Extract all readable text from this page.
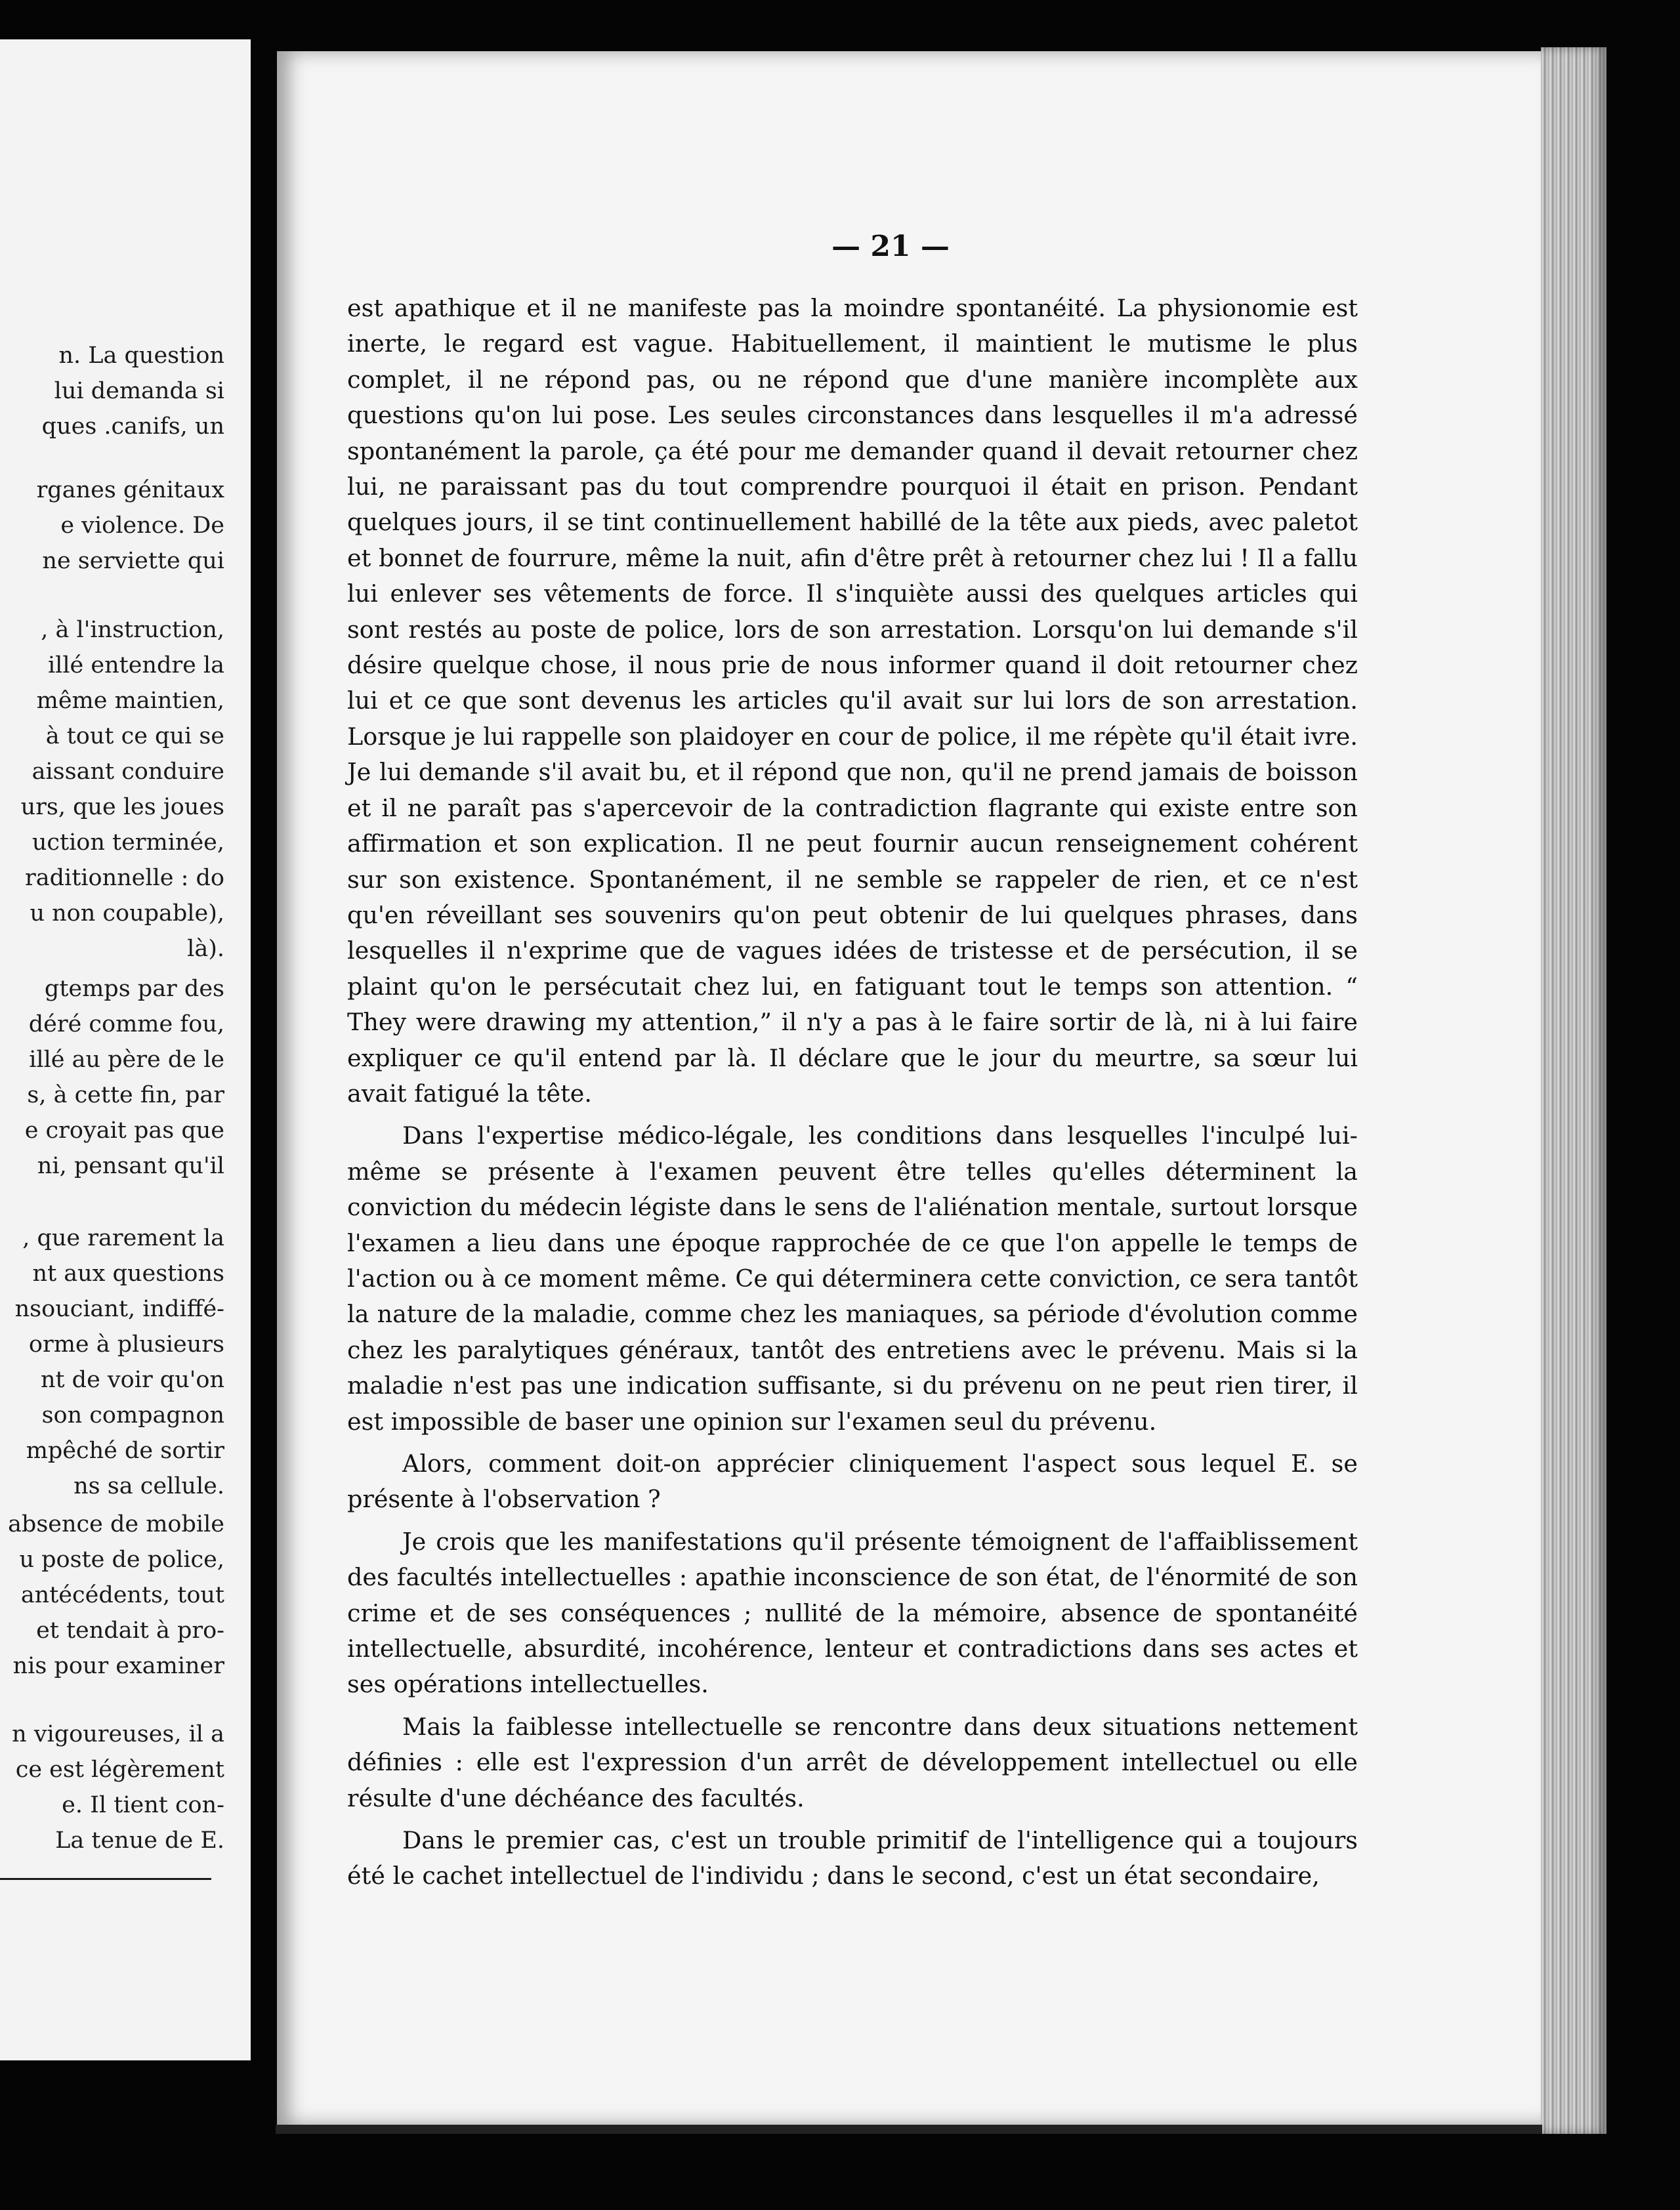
n. La question
lui demanda si
ques .canifs, un
rganes génitaux
e violence. De
ne serviette qui
, à l'instruction,
illé entendre la
même maintien,
à tout ce qui se
aissant conduire
urs, que les joues
uction terminée,
raditionnelle : do
u non coupable),
là).
gtemps par des
déré comme fou,
illé au père de le
s, à cette fin, par
e croyait pas que
ni, pensant qu'il
, que rarement la
nt aux questions
nsouciant, indiffé-
orme à plusieurs
nt de voir qu'on
son compagnon
mpêché de sortir
ns sa cellule.
absence de mobile
u poste de police,
antécédents, tout
et tendait à pro-
nis pour examiner
n vigoureuses, il a
ce est légèrement
e. Il tient con-
La tenue de E.
— 21 —

est apathique et il ne manifeste pas la moindre spontanéité. La physionomie est inerte, le regard est vague. Habituellement, il maintient le mutisme le plus complet, il ne répond pas, ou ne répond que d'une manière incomplète aux questions qu'on lui pose. Les seules circonstances dans lesquelles il m'a adressé spontanément la parole, ça été pour me demander quand il devait retourner chez lui, ne paraissant pas du tout comprendre pourquoi il était en prison. Pendant quelques jours, il se tint continuellement habillé de la tête aux pieds, avec paletot et bonnet de fourrure, même la nuit, afin d'être prêt à retourner chez lui ! Il a fallu lui enlever ses vêtements de force. Il s'inquiète aussi des quelques articles qui sont restés au poste de police, lors de son arrestation. Lorsqu'on lui demande s'il désire quelque chose, il nous prie de nous informer quand il doit retourner chez lui et ce que sont devenus les articles qu'il avait sur lui lors de son arrestation. Lorsque je lui rappelle son plaidoyer en cour de police, il me répète qu'il était ivre. Je lui demande s'il avait bu, et il répond que non, qu'il ne prend jamais de boisson et il ne paraît pas s'apercevoir de la contradiction flagrante qui existe entre son affirmation et son explication. Il ne peut fournir aucun renseignement cohérent sur son existence. Spontanément, il ne semble se rappeler de rien, et ce n'est qu'en réveillant ses souvenirs qu'on peut obtenir de lui quelques phrases, dans lesquelles il n'exprime que de vagues idées de tristesse et de persécution, il se plaint qu'on le persécutait chez lui, en fatiguant tout le temps son attention. “ They were drawing my attention,” il n'y a pas à le faire sortir de là, ni à lui faire expliquer ce qu'il entend par là. Il déclare que le jour du meurtre, sa sœur lui avait fatigué la tête.

Dans l'expertise médico-légale, les conditions dans lesquelles l'inculpé lui-même se présente à l'examen peuvent être telles qu'elles déterminent la conviction du médecin légiste dans le sens de l'aliénation mentale, surtout lorsque l'examen a lieu dans une époque rapprochée de ce que l'on appelle le temps de l'action ou à ce moment même. Ce qui déterminera cette conviction, ce sera tantôt la nature de la maladie, comme chez les maniaques, sa période d'évolution comme chez les paralytiques généraux, tantôt des entretiens avec le prévenu. Mais si la maladie n'est pas une indication suffisante, si du prévenu on ne peut rien tirer, il est impossible de baser une opinion sur l'examen seul du prévenu.

Alors, comment doit-on apprécier cliniquement l'aspect sous lequel E. se présente à l'observation ?

Je crois que les manifestations qu'il présente témoignent de l'affaiblissement des facultés intellectuelles : apathie inconscience de son état, de l'énormité de son crime et de ses conséquences ; nullité de la mémoire, absence de spontanéité intellectuelle, absurdité, incohérence, lenteur et contradictions dans ses actes et ses opérations intellectuelles.

Mais la faiblesse intellectuelle se rencontre dans deux situations nettement définies : elle est l'expression d'un arrêt de développement intellectuel ou elle résulte d'une déchéance des facultés.

Dans le premier cas, c'est un trouble primitif de l'intelligence qui a toujours été le cachet intellectuel de l'individu ; dans le second, c'est un état secondaire,
